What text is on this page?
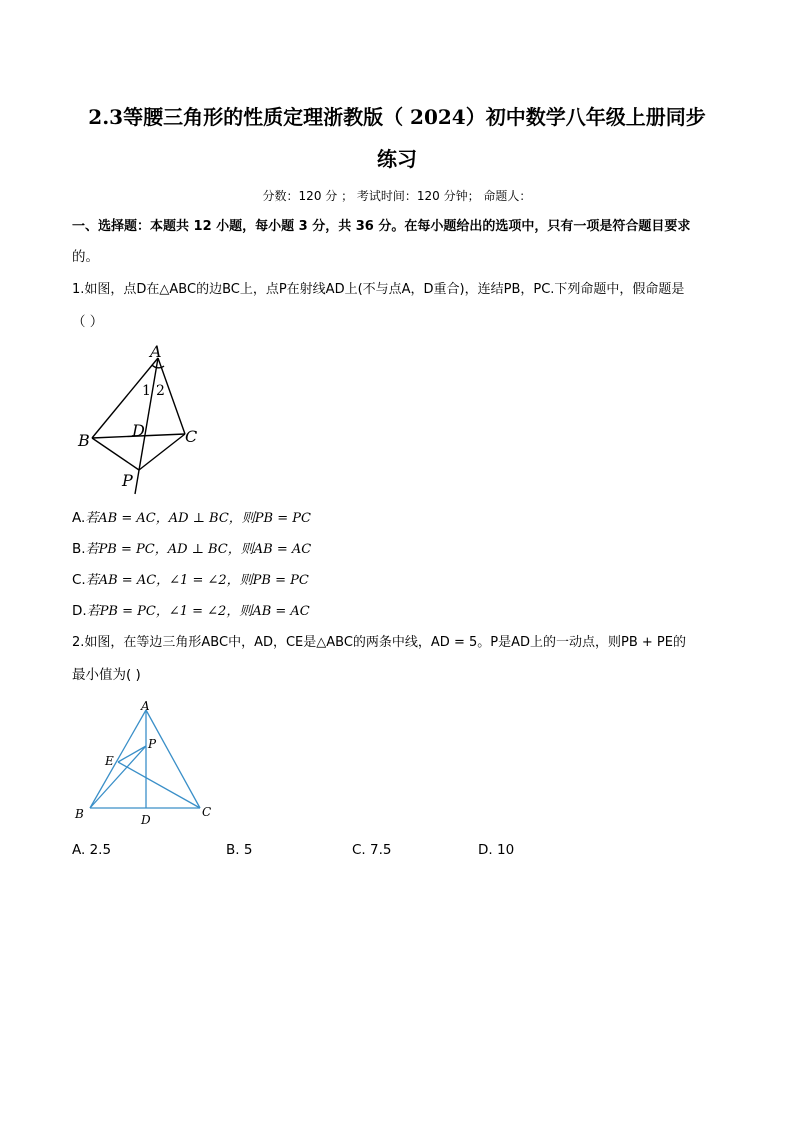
2.3等腰三角形的性质定理浙教版（ 2024）初中数学八年级上册同步
练习
分数：120 分 ； 考试时间：120 分钟； 命题人：
一、选择题：本题共 12 小题，每小题 3 分，共 36 分。在每小题给出的选项中，只有一项是符合题目要求
的。
1.如图，点D在△ABC的边BC上，点P在射线AD上(不与点A，D重合)，连结PB，PC.下列命题中，假命题是
（ ）
A
B	C
D
P
1 2
A.若AB = AC，AD ⊥ BC，则PB = PC
B.若PB = PC，AD ⊥ BC，则AB = AC
C.若AB = AC，∠1 = ∠2，则PB = PC
D.若PB = PC，∠1 = ∠2，则AB = AC
2.如图，在等边三角形ABC中，AD，CE是△ABC的两条中线，AD = 5。P是AD上的一动点，则PB + PE的
最小值为( )
A
B	C
D
E
P
A. 2.5	B. 5	C. 7.5	D. 10
